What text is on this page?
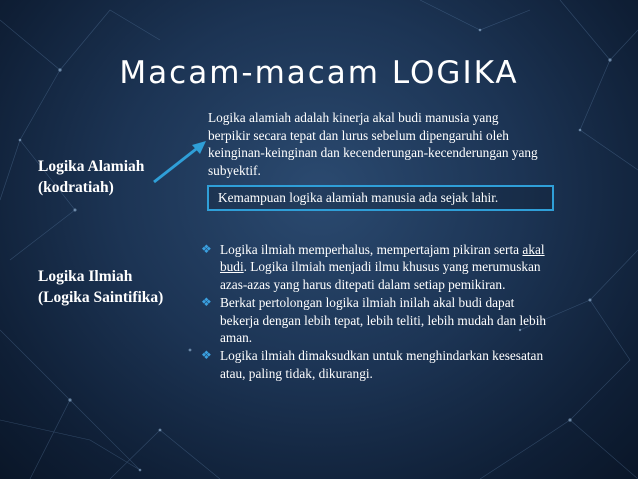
Macam-macam LOGIKA
Logika Alamiah
(kodratiah)
Logika alamiah adalah kinerja akal budi manusia yang
berpikir secara tepat dan lurus sebelum dipengaruhi oleh
keinginan-keinginan dan kecenderungan-kecenderungan yang
subyektif.
Kemampuan logika alamiah manusia ada sejak lahir.
Logika Ilmiah
(Logika Saintifika)
❖ Logika ilmiah memperhalus, mempertajam pikiran serta akal
budi. Logika ilmiah menjadi ilmu khusus yang merumuskan
azas-azas yang harus ditepati dalam setiap pemikiran.
❖ Berkat pertolongan logika ilmiah inilah akal budi dapat
bekerja dengan lebih tepat, lebih teliti, lebih mudah dan lebih
aman.
❖ Logika ilmiah dimaksudkan untuk menghindarkan kesesatan
atau, paling tidak, dikurangi.
